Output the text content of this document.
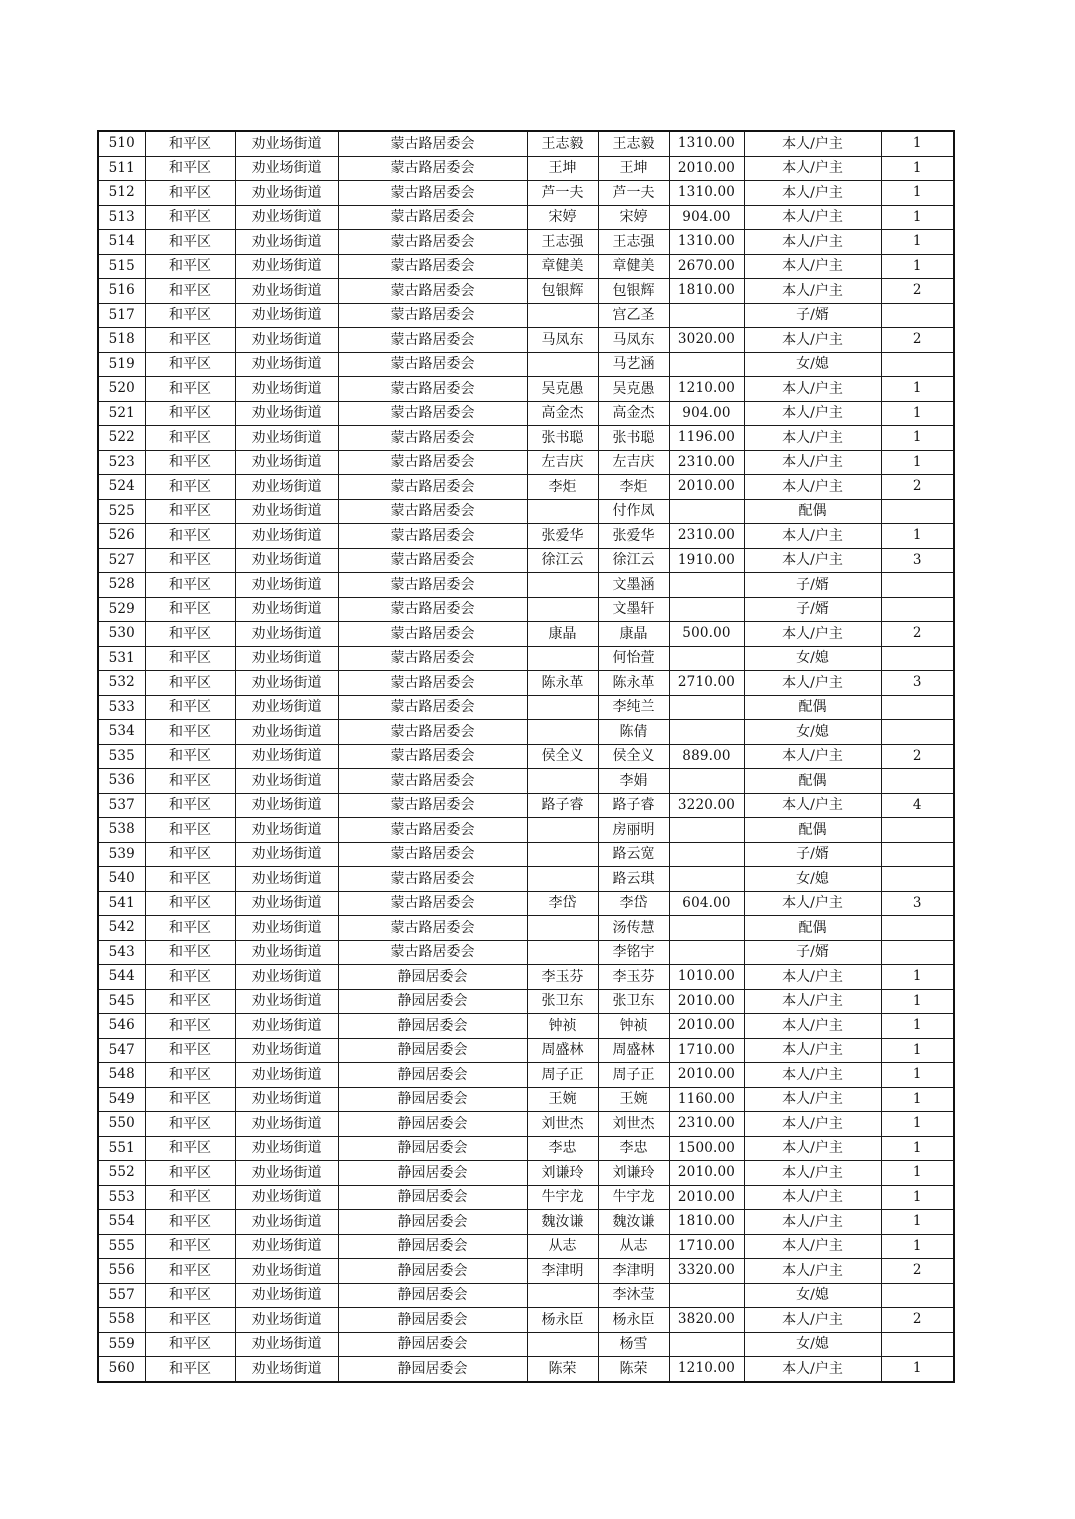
510	和平区	劝业场街道	蒙古路居委会	王志毅	王志毅	1310.00	本人/户主	1
511	和平区	劝业场街道	蒙古路居委会	王坤	王坤	2010.00	本人/户主	1
512	和平区	劝业场街道	蒙古路居委会	芦一夫	芦一夫	1310.00	本人/户主	1
513	和平区	劝业场街道	蒙古路居委会	宋婷	宋婷	904.00	本人/户主	1
514	和平区	劝业场街道	蒙古路居委会	王志强	王志强	1310.00	本人/户主	1
515	和平区	劝业场街道	蒙古路居委会	章健美	章健美	2670.00	本人/户主	1
516	和平区	劝业场街道	蒙古路居委会	包银辉	包银辉	1810.00	本人/户主	2
517	和平区	劝业场街道	蒙古路居委会		宫乙圣		子/婿	
518	和平区	劝业场街道	蒙古路居委会	马凤东	马凤东	3020.00	本人/户主	2
519	和平区	劝业场街道	蒙古路居委会		马艺涵		女/媳	
520	和平区	劝业场街道	蒙古路居委会	吴克愚	吴克愚	1210.00	本人/户主	1
521	和平区	劝业场街道	蒙古路居委会	高金杰	高金杰	904.00	本人/户主	1
522	和平区	劝业场街道	蒙古路居委会	张书聪	张书聪	1196.00	本人/户主	1
523	和平区	劝业场街道	蒙古路居委会	左吉庆	左吉庆	2310.00	本人/户主	1
524	和平区	劝业场街道	蒙古路居委会	李炬	李炬	2010.00	本人/户主	2
525	和平区	劝业场街道	蒙古路居委会		付作凤		配偶	
526	和平区	劝业场街道	蒙古路居委会	张爱华	张爱华	2310.00	本人/户主	1
527	和平区	劝业场街道	蒙古路居委会	徐江云	徐江云	1910.00	本人/户主	3
528	和平区	劝业场街道	蒙古路居委会		文墨涵		子/婿	
529	和平区	劝业场街道	蒙古路居委会		文墨轩		子/婿	
530	和平区	劝业场街道	蒙古路居委会	康晶	康晶	500.00	本人/户主	2
531	和平区	劝业场街道	蒙古路居委会		何怡萱		女/媳	
532	和平区	劝业场街道	蒙古路居委会	陈永革	陈永革	2710.00	本人/户主	3
533	和平区	劝业场街道	蒙古路居委会		李纯兰		配偶	
534	和平区	劝业场街道	蒙古路居委会		陈倩		女/媳	
535	和平区	劝业场街道	蒙古路居委会	侯全义	侯全义	889.00	本人/户主	2
536	和平区	劝业场街道	蒙古路居委会		李娟		配偶	
537	和平区	劝业场街道	蒙古路居委会	路子睿	路子睿	3220.00	本人/户主	4
538	和平区	劝业场街道	蒙古路居委会		房丽明		配偶	
539	和平区	劝业场街道	蒙古路居委会		路云宽		子/婿	
540	和平区	劝业场街道	蒙古路居委会		路云琪		女/媳	
541	和平区	劝业场街道	蒙古路居委会	李岱	李岱	604.00	本人/户主	3
542	和平区	劝业场街道	蒙古路居委会		汤传慧		配偶	
543	和平区	劝业场街道	蒙古路居委会		李铭宇		子/婿	
544	和平区	劝业场街道	静园居委会	李玉芬	李玉芬	1010.00	本人/户主	1
545	和平区	劝业场街道	静园居委会	张卫东	张卫东	2010.00	本人/户主	1
546	和平区	劝业场街道	静园居委会	钟祯	钟祯	2010.00	本人/户主	1
547	和平区	劝业场街道	静园居委会	周盛林	周盛林	1710.00	本人/户主	1
548	和平区	劝业场街道	静园居委会	周子正	周子正	2010.00	本人/户主	1
549	和平区	劝业场街道	静园居委会	王婉	王婉	1160.00	本人/户主	1
550	和平区	劝业场街道	静园居委会	刘世杰	刘世杰	2310.00	本人/户主	1
551	和平区	劝业场街道	静园居委会	李忠	李忠	1500.00	本人/户主	1
552	和平区	劝业场街道	静园居委会	刘谦玲	刘谦玲	2010.00	本人/户主	1
553	和平区	劝业场街道	静园居委会	牛宇龙	牛宇龙	2010.00	本人/户主	1
554	和平区	劝业场街道	静园居委会	魏汝谦	魏汝谦	1810.00	本人/户主	1
555	和平区	劝业场街道	静园居委会	从志	从志	1710.00	本人/户主	1
556	和平区	劝业场街道	静园居委会	李津明	李津明	3320.00	本人/户主	2
557	和平区	劝业场街道	静园居委会		李沐莹		女/媳	
558	和平区	劝业场街道	静园居委会	杨永臣	杨永臣	3820.00	本人/户主	2
559	和平区	劝业场街道	静园居委会		杨雪		女/媳	
560	和平区	劝业场街道	静园居委会	陈荣	陈荣	1210.00	本人/户主	1
